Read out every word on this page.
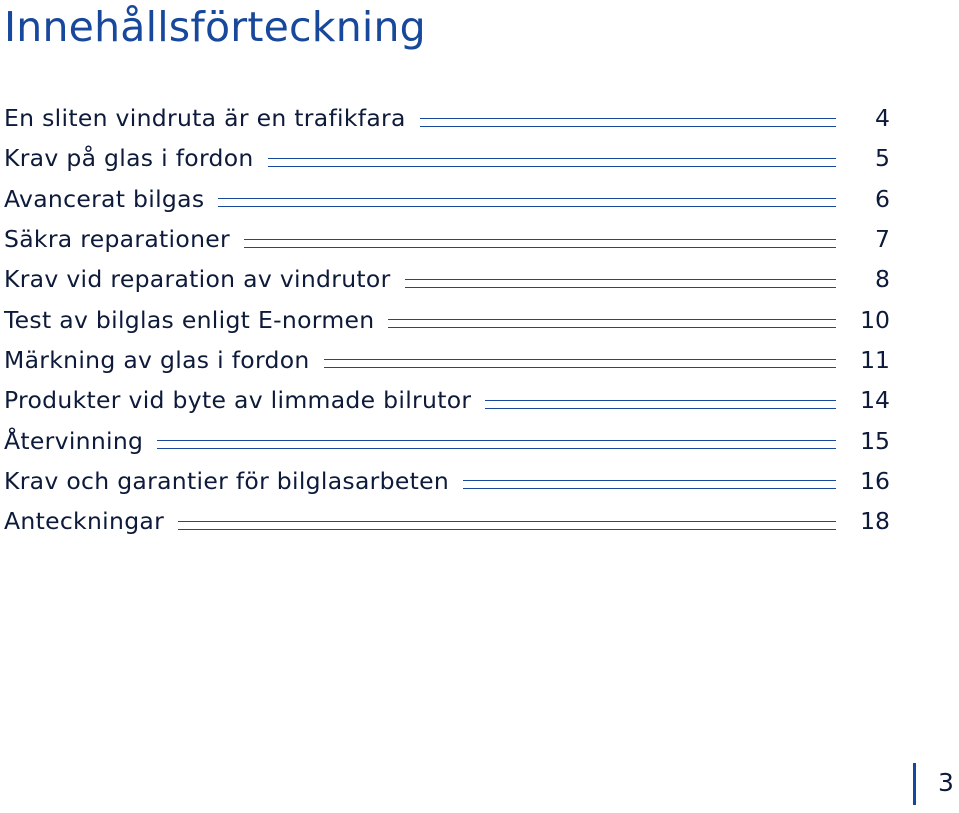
Innehållsförteckning
En sliten vindruta är en trafikfara	4
Krav på glas i fordon	5
Avancerat bilgas	6
Säkra reparationer	7
Krav vid reparation av vindrutor	8
Test av bilglas enligt E-normen	10
Märkning av glas i fordon	11
Produkter vid byte av limmade bilrutor	14
Återvinning	15
Krav och garantier för bilglasarbeten	16
Anteckningar	18
3
